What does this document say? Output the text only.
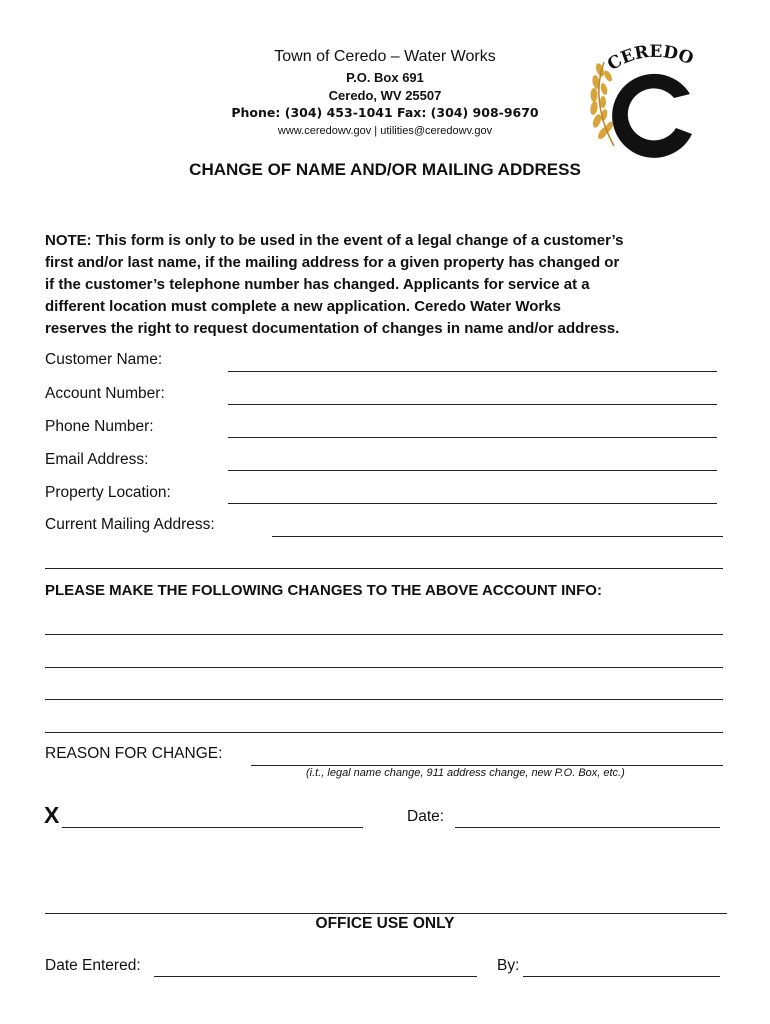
Town of Ceredo – Water Works
P.O. Box 691
Ceredo, WV 25507
Phone: (304) 453-1041 Fax: (304) 908-9670
www.ceredowv.gov | utilities@ceredowv.gov
CEREDO
CHANGE OF NAME AND/OR MAILING ADDRESS
NOTE: This form is only to be used in the event of a legal change of a customer’s
first and/or last name, if the mailing address for a given property has changed or
if the customer’s telephone number has changed. Applicants for service at a
different location must complete a new application. Ceredo Water Works
reserves the right to request documentation of changes in name and/or address.
Customer Name:
Account Number:
Phone Number:
Email Address:
Property Location:
Current Mailing Address:
PLEASE MAKE THE FOLLOWING CHANGES TO THE ABOVE ACCOUNT INFO:
REASON FOR CHANGE:
(i.t., legal name change, 911 address change, new P.O. Box, etc.)
X	Date:
OFFICE USE ONLY
Date Entered:	By:
